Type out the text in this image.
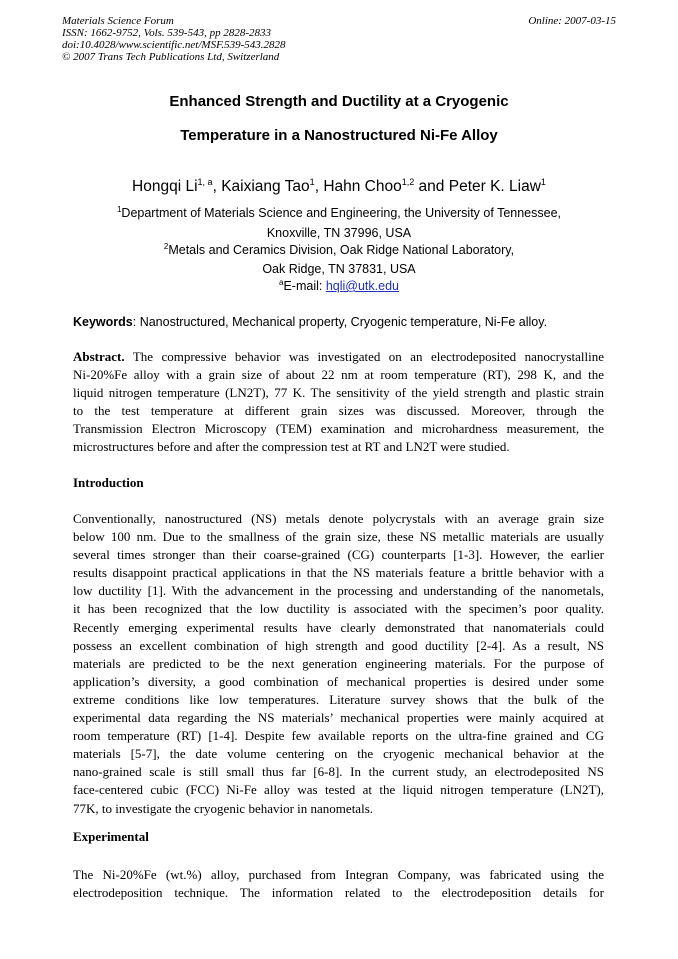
Materials Science Forum
ISSN: 1662-9752, Vols. 539-543, pp 2828-2833
doi:10.4028/www.scientific.net/MSF.539-543.2828
© 2007 Trans Tech Publications Ltd, Switzerland
Online: 2007-03-15
Enhanced Strength and Ductility at a Cryogenic
Temperature in a Nanostructured Ni-Fe Alloy
Hongqi Li$^{1, a}$, Kaixiang Tao$^1$, Hahn Choo$^{1,2}$ and Peter K. Liaw$^1$
$^1$Department of Materials Science and Engineering, the University of Tennessee,
Knoxville, TN 37996, USA
$^2$Metals and Ceramics Division, Oak Ridge National Laboratory,
Oak Ridge, TN 37831, USA
$^a$E-mail: hqli@utk.edu
Keywords: Nanostructured, Mechanical property, Cryogenic temperature, Ni-Fe alloy.
Abstract. The compressive behavior was investigated on an electrodeposited nanocrystalline
Ni-20%Fe alloy with a grain size of about 22 nm at room temperature (RT), 298 K, and the
liquid nitrogen temperature (LN2T), 77 K. The sensitivity of the yield strength and plastic strain
to the test temperature at different grain sizes was discussed. Moreover, through the
Transmission Electron Microscopy (TEM) examination and microhardness measurement, the
microstructures before and after the compression test at RT and LN2T were studied.
Introduction
Conventionally, nanostructured (NS) metals denote polycrystals with an average grain size
below 100 nm. Due to the smallness of the grain size, these NS metallic materials are usually
several times stronger than their coarse-grained (CG) counterparts [1-3]. However, the earlier
results disappoint practical applications in that the NS materials feature a brittle behavior with a
low ductility [1]. With the advancement in the processing and understanding of the nanometals,
it has been recognized that the low ductility is associated with the specimen’s poor quality.
Recently emerging experimental results have clearly demonstrated that nanomaterials could
possess an excellent combination of high strength and good ductility [2-4]. As a result, NS
materials are predicted to be the next generation engineering materials. For the purpose of
application’s diversity, a good combination of mechanical properties is desired under some
extreme conditions like low temperatures. Literature survey shows that the bulk of the
experimental data regarding the NS materials’ mechanical properties were mainly acquired at
room temperature (RT) [1-4]. Despite few available reports on the ultra-fine grained and CG
materials [5-7], the date volume centering on the cryogenic mechanical behavior at the
nano-grained scale is still small thus far [6-8]. In the current study, an electrodeposited NS
face-centered cubic (FCC) Ni-Fe alloy was tested at the liquid nitrogen temperature (LN2T),
77K, to investigate the cryogenic behavior in nanometals.
Experimental
The Ni-20%Fe (wt.%) alloy, purchased from Integran Company, was fabricated using the
electrodeposition technique. The information related to the electrodeposition details for
